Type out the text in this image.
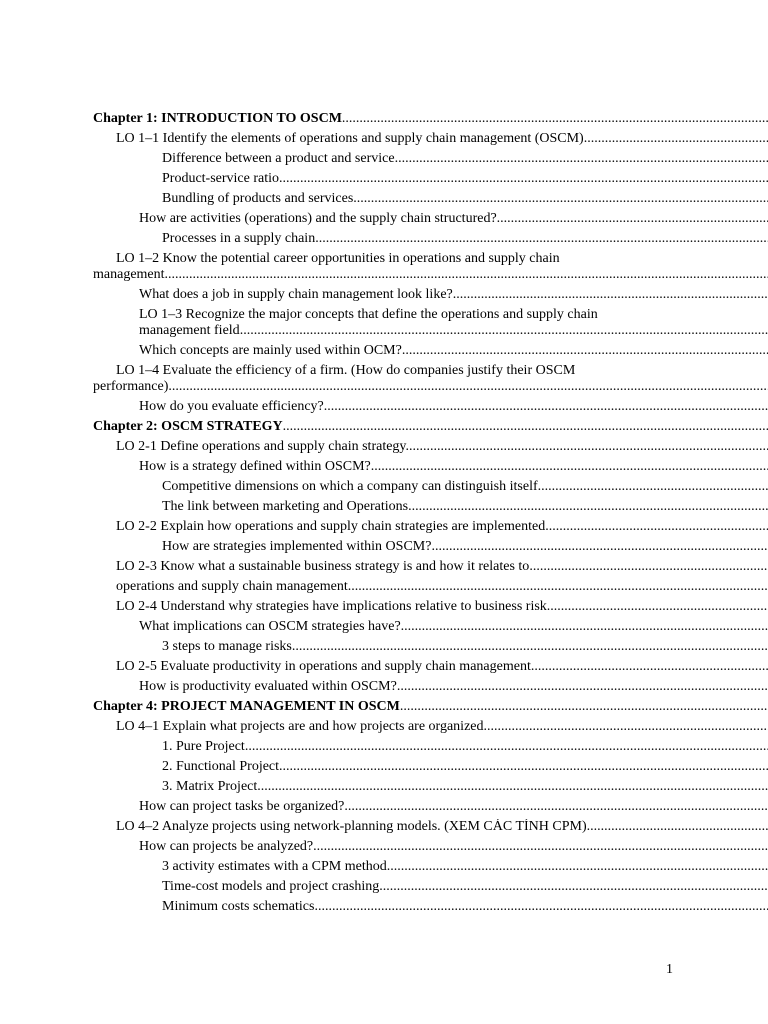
Chapter 1: INTRODUCTION TO OSCM .....
LO 1–1 Identify the elements of operations and supply chain management (OSCM) .....
Difference between a product and service .....
Product-service ratio .....
Bundling of products and services .....
How are activities (operations) and the supply chain structured? .....
Processes in a supply chain .....
LO 1–2 Know the potential career opportunities in operations and supply chain
management .....
What does a job in supply chain management look like? .....
LO 1–3 Recognize the major concepts that define the operations and supply chain
management field .....
Which concepts are mainly used within OCM? .....
LO 1–4 Evaluate the efficiency of a firm. (How do companies justify their OSCM
performance) .....
How do you evaluate efficiency? .....
Chapter 2: OSCM STRATEGY .....
LO 2-1 Define operations and supply chain strategy .....
How is a strategy defined within OSCM? .....
Competitive dimensions on which a company can distinguish itself .....
The link between marketing and Operations .....
LO 2-2 Explain how operations and supply chain strategies are implemented .....
How are strategies implemented within OSCM? .....
LO 2-3 Know what a sustainable business strategy is and how it relates to .....
operations and supply chain management .....
LO 2-4 Understand why strategies have implications relative to business risk .....
What implications can OSCM strategies have? .....
3 steps to manage risks .....
LO 2-5 Evaluate productivity in operations and supply chain management .....
How is productivity evaluated within OSCM? .....
Chapter 4: PROJECT MANAGEMENT IN OSCM .....
LO 4–1 Explain what projects are and how projects are organized .....
1. Pure Project .....
2. Functional Project .....
3. Matrix Project .....
How can project tasks be organized? .....
LO 4–2 Analyze projects using network-planning models. (XEM CÁC TÍNH CPM) .....
How can projects be analyzed? .....
3 activity estimates with a CPM method .....
Time-cost models and project crashing .....
Minimum costs schematics .....
1
